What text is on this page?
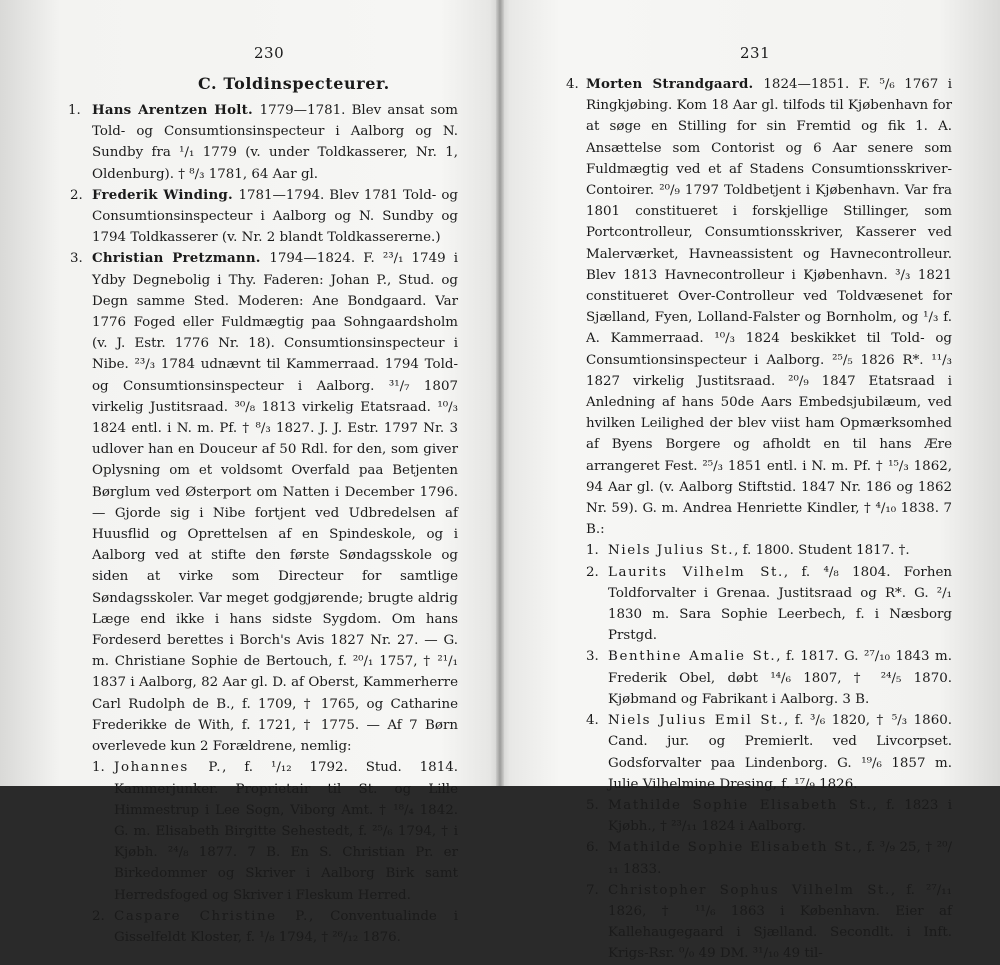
230
C. Toldinspecteurer.
1. Hans Arentzen Holt. 1779—1781. Blev ansat som Told- og Consumtionsinspecteur i Aalborg og N. Sundby fra ¹/₁ 1779 (v. under Toldkasserer, Nr. 1, Oldenburg). † ⁸/₃ 1781, 64 Aar gl.
2. Frederik Winding. 1781—1794. Blev 1781 Told- og Consumtionsinspecteur i Aalborg og N. Sundby og 1794 Toldkasserer (v. Nr. 2 blandt Toldkassererne.)
3. Christian Pretzmann. 1794—1824. F. ²³/₁ 1749 i Ydby Degnebolig i Thy. Faderen: Johan P., Stud. og Degn samme Sted. Moderen: Ane Bondgaard. Var 1776 Foged eller Fuldmægtig paa Sohngaardsholm (v. J. Estr. 1776 Nr. 18). Consumtionsinspecteur i Nibe. ²³/₃ 1784 udnævnt til Kammerraad. 1794 Told- og Consumtionsinspecteur i Aalborg. ³¹/₇ 1807 virkelig Justitsraad. ³⁰/₈ 1813 virkelig Etatsraad. ¹⁰/₃ 1824 entl. i N. m. Pf. † ⁸/₃ 1827. J. J. Estr. 1797 Nr. 3 udlover han en Douceur af 50 Rdl. for den, som giver Oplysning om et voldsomt Overfald paa Betjenten Børglum ved Østerport om Natten i December 1796. — Gjorde sig i Nibe fortjent ved Udbredelsen af Huusflid og Oprettelsen af en Spindeskole, og i Aalborg ved at stifte den første Søndagsskole og siden at virke som Directeur for samtlige Søndagsskoler. Var meget godgjørende; brugte aldrig Læge end ikke i hans sidste Sygdom. Om hans Fordeserd berettes i Borch's Avis 1827 Nr. 27. — G. m. Christiane Sophie de Bertouch, f. ²⁰/₁ 1757, † ²¹/₁ 1837 i Aalborg, 82 Aar gl. D. af Oberst, Kammerherre Carl Rudolph de B., f. 1709, † 1765, og Catharine Frederikke de With, f. 1721, † 1775. — Af 7 Børn overlevede kun 2 Forældrene, nemlig:
1. Johannes P., f. ¹/₁₂ 1792. Stud. 1814. Kammerjunker. Proprietair til St. og Lille Himmestrup i Lee Sogn, Viborg Amt. † ¹⁸/₄ 1842. G. m. Elisabeth Birgitte Sehestedt, f. ²⁵/₆ 1794, † i Kjøbh. ²⁴/₈ 1877. 7 B. En S. Christian Pr. er Birkedommer og Skriver i Aalborg Birk samt Herredsfoged og Skriver i Fleskum Herred.
2. Caspare Christine P., Conventualinde i Gisselfeldt Kloster, f. ¹/₈ 1794, † ²⁶/₁₂ 1876.
231
4. Morten Strandgaard. 1824—1851. F. ⁵/₆ 1767 i Ringkjøbing. Kom 18 Aar gl. tilfods til Kjøbenhavn for at søge en Stilling for sin Fremtid og fik 1. A. Ansættelse som Contorist og 6 Aar senere som Fuldmægtig ved et af Stadens Consumtionsskriver-Contoirer. ²⁰/₉ 1797 Toldbetjent i Kjøbenhavn. Var fra 1801 constitueret i forskjellige Stillinger, som Portcontrolleur, Consumtionsskriver, Kasserer ved Malerværket, Havneassistent og Havnecontrolleur. Blev 1813 Havnecontrolleur i Kjøbenhavn. ³/₃ 1821 constitueret Over-Controlleur ved Toldvæsenet for Sjælland, Fyen, Lolland-Falster og Bornholm, og ¹/₃ f. A. Kammerraad. ¹⁰/₃ 1824 beskikket til Told- og Consumtionsinspecteur i Aalborg. ²⁵/₅ 1826 R*. ¹¹/₃ 1827 virkelig Justitsraad. ²⁰/₉ 1847 Etatsraad i Anledning af hans 50de Aars Embedsjubilæum, ved hvilken Leilighed der blev viist ham Opmærksomhed af Byens Borgere og afholdt en til hans Ære arrangeret Fest. ²⁵/₃ 1851 entl. i N. m. Pf. † ¹⁵/₃ 1862, 94 Aar gl. (v. Aalborg Stiftstid. 1847 Nr. 186 og 1862 Nr. 59). G. m. Andrea Henriette Kindler, † ⁴/₁₀ 1838. 7 B.:
1. Niels Julius St., f. 1800. Student 1817. †.
2. Laurits Vilhelm St., f. ⁴/₈ 1804. Forhen Toldforvalter i Grenaa. Justitsraad og R*. G. ²/₁ 1830 m. Sara Sophie Leerbech, f. i Næsborg Prstgd.
3. Benthine Amalie St., f. 1817. G. ²⁷/₁₀ 1843 m. Frederik Obel, døbt ¹⁴/₆ 1807, † ²⁴/₅ 1870. Kjøbmand og Fabrikant i Aalborg. 3 B.
4. Niels Julius Emil St., f. ³/₆ 1820, † ⁵/₃ 1860. Cand. jur. og Premierlt. ved Livcorpset. Godsforvalter paa Lindenborg. G. ¹⁹/₆ 1857 m. Julie Vilhelmine Dresing, f. ¹⁷/₉ 1826.
5. Mathilde Sophie Elisabeth St., f. 1823 i Kjøbh., † ²³/₁₁ 1824 i Aalborg.
6. Mathilde Sophie Elisabeth St., f. ³/₉ 25, † ²⁰/₁₁ 1833.
7. Christopher Sophus Vilhelm St., f. ²⁷/₁₁ 1826, † ¹¹/₆ 1863 i København. Eier af Kallehaugegaard i Sjælland. Secondlt. i Inft. Krigs-Rsr. ⁰/₀ 49 DM. ³¹/₁₀ 49 til-
